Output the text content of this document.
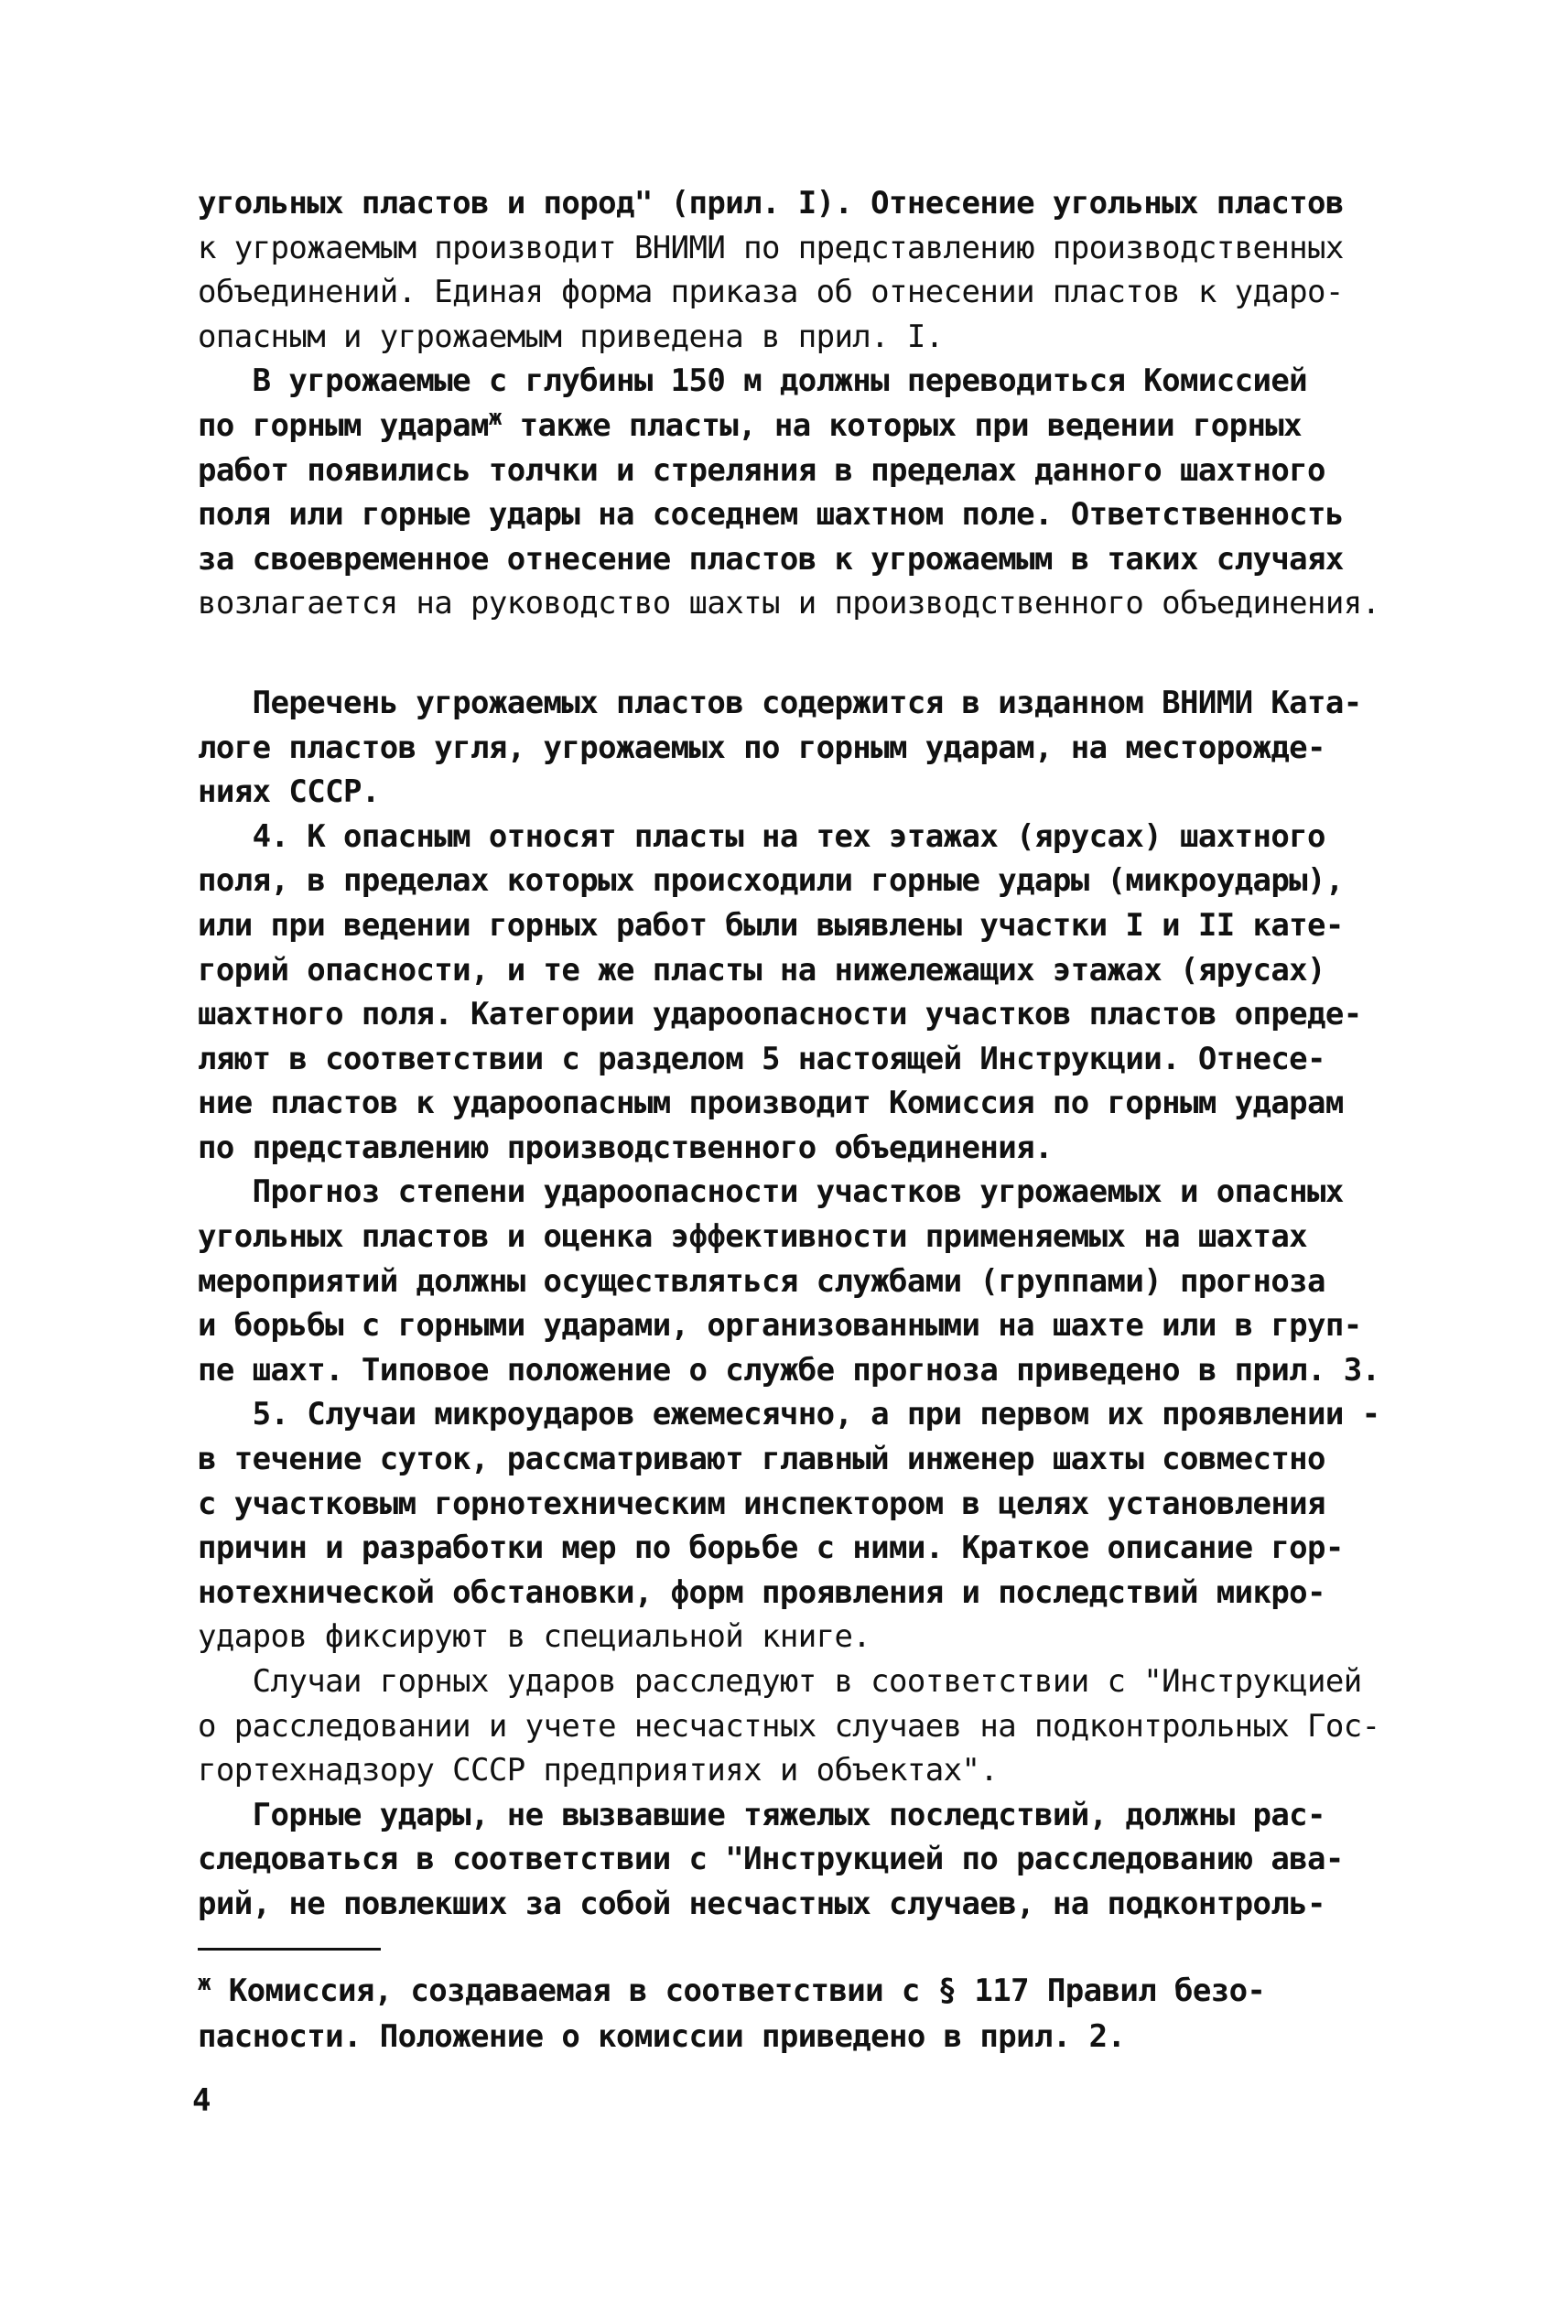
угольных пластов и пород" (прил. I). Отнесение угольных пластов
к угрожаемым производит ВНИМИ по представлению производственных
объединений. Единая форма приказа об отнесении пластов к ударо-
опасным и угрожаемым приведена в прил. I.
В угрожаемые с глубины 150 м должны переводиться Комиссией
по горным ударам$^ж$ также пласты, на которых при ведении горных
работ появились толчки и стреляния в пределах данного шахтного
поля или горные удары на соседнем шахтном поле. Ответственность
за своевременное отнесение пластов к угрожаемым в таких случаях
возлагается на руководство шахты и производственного объединения.
Перечень угрожаемых пластов содержится в изданном ВНИМИ Ката-
логе пластов угля, угрожаемых по горным ударам, на месторожде-
ниях СССР.
4. К опасным относят пласты на тех этажах (ярусах) шахтного
поля, в пределах которых происходили горные удары (микроудары),
или при ведении горных работ были выявлены участки I и II кате-
горий опасности, и те же пласты на нижележащих этажах (ярусах)
шахтного поля. Категории удароопасности участков пластов опреде-
ляют в соответствии с разделом 5 настоящей Инструкции. Отнесе-
ние пластов к удароопасным производит Комиссия по горным ударам
по представлению производственного объединения.
Прогноз степени удароопасности участков угрожаемых и опасных
угольных пластов и оценка эффективности применяемых на шахтах
мероприятий должны осуществляться службами (группами) прогноза
и борьбы с горными ударами, организованными на шахте или в груп-
пе шахт. Типовое положение о службе прогноза приведено в прил. 3.
5. Случаи микроударов ежемесячно, а при первом их проявлении -
в течение суток, рассматривают главный инженер шахты совместно
с участковым горнотехническим инспектором в целях установления
причин и разработки мер по борьбе с ними. Краткое описание гор-
нотехнической обстановки, форм проявления и последствий микро-
ударов фиксируют в специальной книге.
Случаи горных ударов расследуют в соответствии с "Инструкцией
о расследовании и учете несчастных случаев на подконтрольных Гос-
гортехнадзору СССР предприятиях и объектах".
Горные удары, не вызвавшие тяжелых последствий, должны рас-
следоваться в соответствии с "Инструкцией по расследованию ава-
рий, не повлекших за собой несчастных случаев, на подконтроль-
$^ж$ Комиссия, создаваемая в соответствии с § 117 Правил безо-
пасности. Положение о комиссии приведено в прил. 2.
4
